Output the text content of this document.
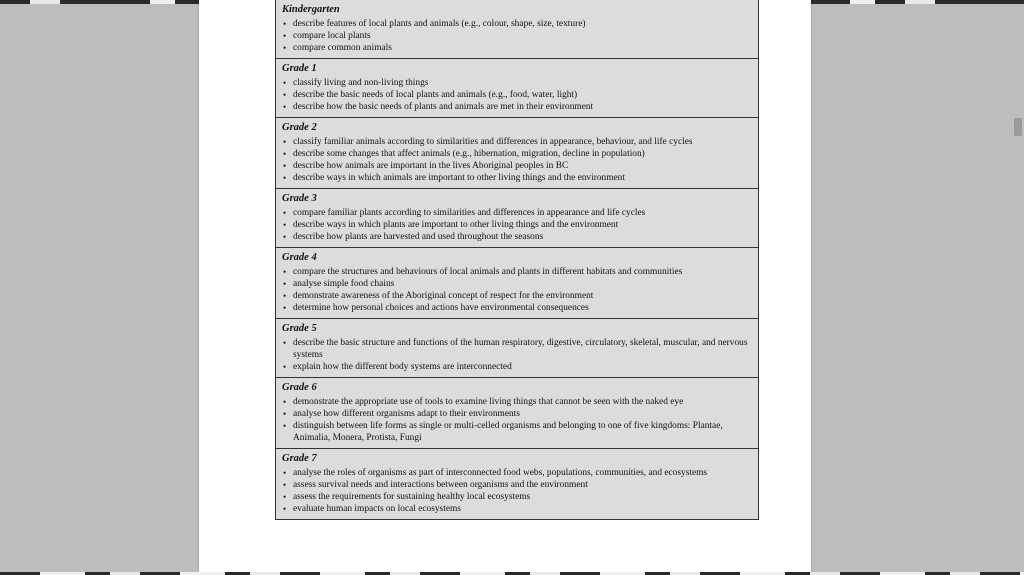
Kindergarten
• describe features of local plants and animals (e.g., colour, shape, size, texture)
• compare local plants
• compare common animals
Grade 1
• classify living and non-living things
• describe the basic needs of local plants and animals (e.g., food, water, light)
• describe how the basic needs of plants and animals are met in their environment
Grade 2
• classify familiar animals according to similarities and differences in appearance, behaviour, and life cycles
• describe some changes that affect animals (e.g., hibernation, migration, decline in population)
• describe how animals are important in the lives Aboriginal peoples in BC
• describe ways in which animals are important to other living things and the environment
Grade 3
• compare familiar plants according to similarities and differences in appearance and life cycles
• describe ways in which plants are important to other living things and the environment
• describe how plants are harvested and used throughout the seasons
Grade 4
• compare the structures and behaviours of local animals and plants in different habitats and communities
• analyse simple food chains
• demonstrate awareness of the Aboriginal concept of respect for the environment
• determine how personal choices and actions have environmental consequences
Grade 5
• describe the basic structure and functions of the human respiratory, digestive, circulatory, skeletal, muscular, and nervous systems
• explain how the different body systems are interconnected
Grade 6
• demonstrate the appropriate use of tools to examine living things that cannot be seen with the naked eye
• analyse how different organisms adapt to their environments
• distinguish between life forms as single or multi-celled organisms and belonging to one of five kingdoms: Plantae, Animalia, Monera, Protista, Fungi
Grade 7
• analyse the roles of organisms as part of interconnected food webs, populations, communities, and ecosystems
• assess survival needs and interactions between organisms and the environment
• assess the requirements for sustaining healthy local ecosystems
• evaluate human impacts on local ecosystems
